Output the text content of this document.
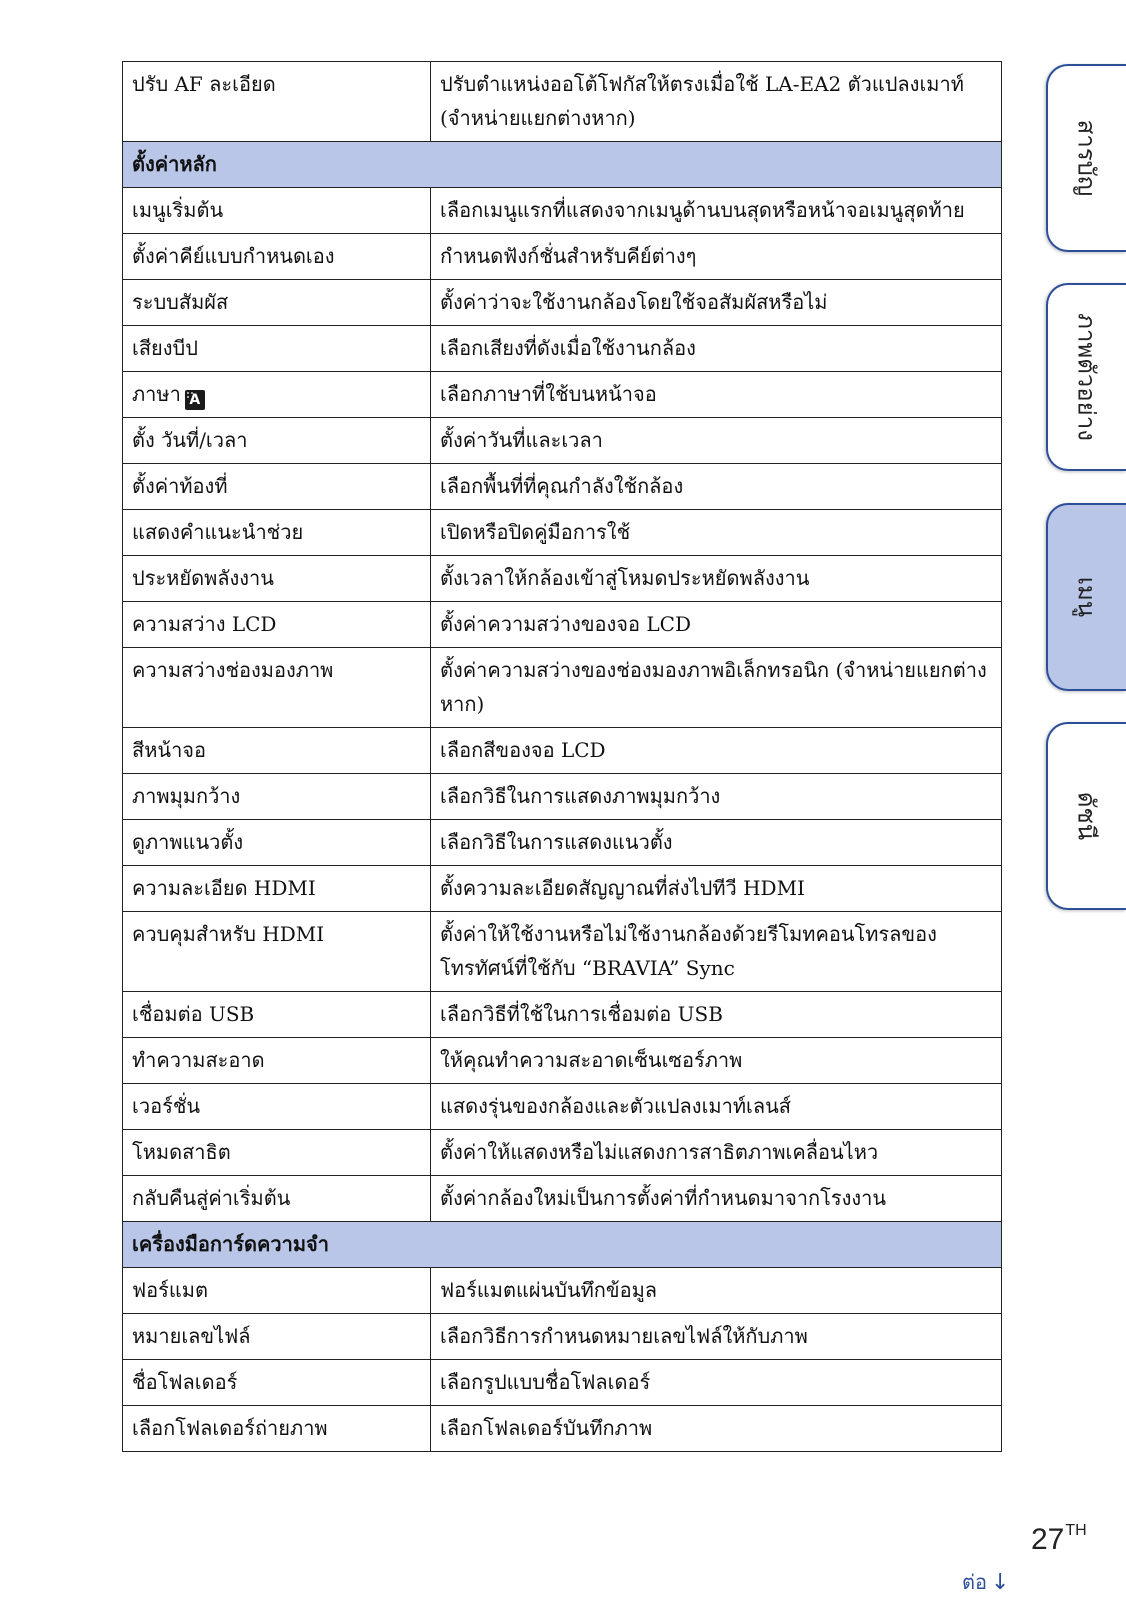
ปรับ AF ละเอียด	ปรับตำแหน่งออโต้โฟกัสให้ตรงเมื่อใช้ LA-EA2 ตัวแปลงเมาท์ (จำหน่ายแยกต่างหาก)
ตั้งค่าหลัก	
เมนูเริ่มต้น	เลือกเมนูแรกที่แสดงจากเมนูด้านบนสุดหรือหน้าจอเมนูสุดท้าย
ตั้งค่าคีย์แบบกำหนดเอง	กำหนดฟังก์ชั่นสำหรับคีย์ต่างๆ
ระบบสัมผัส	ตั้งค่าว่าจะใช้งานกล้องโดยใช้จอสัมผัสหรือไม่
เสียงบีป	เลือกเสียงที่ดังเมื่อใช้งานกล้อง
ภาษา A	เลือกภาษาที่ใช้บนหน้าจอ
ตั้ง วันที่/เวลา	ตั้งค่าวันที่และเวลา
ตั้งค่าท้องที่	เลือกพื้นที่ที่คุณกำลังใช้กล้อง
แสดงคำแนะนำช่วย	เปิดหรือปิดคู่มือการใช้
ประหยัดพลังงาน	ตั้งเวลาให้กล้องเข้าสู่โหมดประหยัดพลังงาน
ความสว่าง LCD	ตั้งค่าความสว่างของจอ LCD
ความสว่างช่องมองภาพ	ตั้งค่าความสว่างของช่องมองภาพอิเล็กทรอนิก (จำหน่ายแยกต่างหาก)
สีหน้าจอ	เลือกสีของจอ LCD
ภาพมุมกว้าง	เลือกวิธีในการแสดงภาพมุมกว้าง
ดูภาพแนวตั้ง	เลือกวิธีในการแสดงแนวตั้ง
ความละเอียด HDMI	ตั้งความละเอียดสัญญาณที่ส่งไปทีวี HDMI
ควบคุมสำหรับ HDMI	ตั้งค่าให้ใช้งานหรือไม่ใช้งานกล้องด้วยรีโมทคอนโทรลของโทรทัศน์ที่ใช้กับ “BRAVIA” Sync
เชื่อมต่อ USB	เลือกวิธีที่ใช้ในการเชื่อมต่อ USB
ทำความสะอาด	ให้คุณทำความสะอาดเซ็นเซอร์ภาพ
เวอร์ชั่น	แสดงรุ่นของกล้องและตัวแปลงเมาท์เลนส์
โหมดสาธิต	ตั้งค่าให้แสดงหรือไม่แสดงการสาธิตภาพเคลื่อนไหว
กลับคืนสู่ค่าเริ่มต้น	ตั้งค่ากล้องใหม่เป็นการตั้งค่าที่กำหนดมาจากโรงงาน
เครื่องมือการ์ดความจำ	
ฟอร์แมต	ฟอร์แมตแผ่นบันทึกข้อมูล
หมายเลขไฟล์	เลือกวิธีการกำหนดหมายเลขไฟล์ให้กับภาพ
ชื่อโฟลเดอร์	เลือกรูปแบบชื่อโฟลเดอร์
เลือกโฟลเดอร์ถ่ายภาพ	เลือกโฟลเดอร์บันทึกภาพ
สารบัญ
ภาพตัวอย่าง
เมนู
ดัชนี
27TH
ต่อ ↓
